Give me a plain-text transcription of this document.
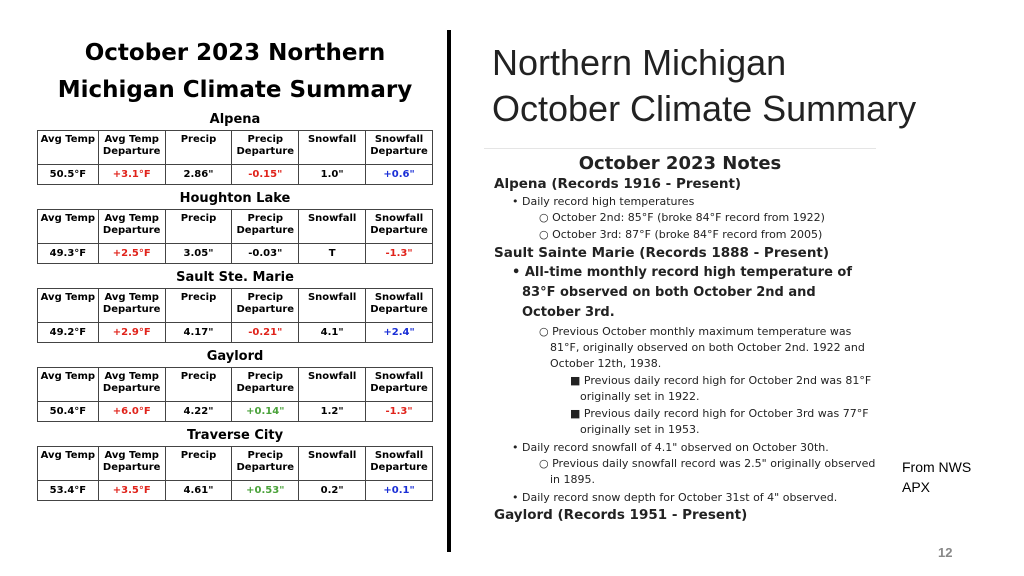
October 2023 Northern
Michigan Climate Summary
Alpena
Avg Temp	Avg Temp Departure	Precip	Precip Departure	Snowfall	Snowfall Departure
50.5°F	+3.1°F	2.86"	-0.15"	1.0"	+0.6"
Houghton Lake
Avg Temp	Avg Temp Departure	Precip	Precip Departure	Snowfall	Snowfall Departure
49.3°F	+2.5°F	3.05"	-0.03"	T	-1.3"
Sault Ste. Marie
Avg Temp	Avg Temp Departure	Precip	Precip Departure	Snowfall	Snowfall Departure
49.2°F	+2.9°F	4.17"	-0.21"	4.1"	+2.4"
Gaylord
Avg Temp	Avg Temp Departure	Precip	Precip Departure	Snowfall	Snowfall Departure
50.4°F	+6.0°F	4.22"	+0.14"	1.2"	-1.3"
Traverse City
Avg Temp	Avg Temp Departure	Precip	Precip Departure	Snowfall	Snowfall Departure
53.4°F	+3.5°F	4.61"	+0.53"	0.2"	+0.1"
Northern Michigan
October Climate Summary
October 2023 Notes
Alpena (Records 1916 - Present)
• Daily record high temperatures
○ October 2nd: 85°F (broke 84°F record from 1922)
○ October 3rd: 87°F (broke 84°F record from 2005)
Sault Sainte Marie (Records 1888 - Present)
• All-time monthly record high temperature of 83°F observed on both October 2nd and October 3rd.
○ Previous October monthly maximum temperature was 81°F, originally observed on both October 2nd. 1922 and October 12th, 1938.
■ Previous daily record high for October 2nd was 81°F originally set in 1922.
■ Previous daily record high for October 3rd was 77°F originally set in 1953.
• Daily record snowfall of 4.1" observed on October 30th.
○ Previous daily snowfall record was 2.5" originally observed in 1895.
• Daily record snow depth for October 31st of 4" observed.
Gaylord (Records 1951 - Present)
From NWS
APX
12
